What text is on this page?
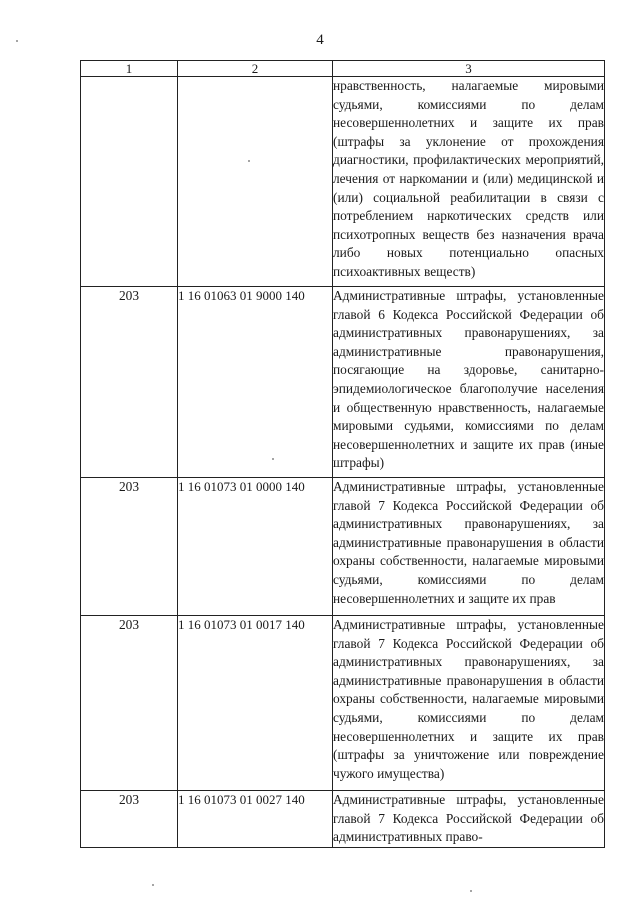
4
1	2	3
		нравственность, налагаемые мировыми судьями, комиссиями по делам несовершеннолетних и защите их прав (штрафы за уклонение от прохождения диагностики, профилактических мероприятий, лечения от наркомании и (или) медицинской и (или) социальной реабилитации в связи с потреблением наркотических средств или психотропных веществ без назначения врача либо новых потенциально опасных психоактивных веществ)
203	1 16 01063 01 9000 140	Административные штрафы, установленные главой 6 Кодекса Российской Федерации об административных правонарушениях, за административные правонарушения, посягающие на здоровье, санитарно-эпидемиологическое благополучие населения и общественную нравственность, налагаемые мировыми судьями, комиссиями по делам несовершеннолетних и защите их прав (иные штрафы)
203	1 16 01073 01 0000 140	Административные штрафы, установленные главой 7 Кодекса Российской Федерации об административных правонарушениях, за административные правонарушения в области охраны собственности, налагаемые мировыми судьями, комиссиями по делам несовершеннолетних и защите их прав
203	1 16 01073 01 0017 140	Административные штрафы, установленные главой 7 Кодекса Российской Федерации об административных правонарушениях, за административные правонарушения в области охраны собственности, налагаемые мировыми судьями, комиссиями по делам несовершеннолетних и защите их прав (штрафы за уничтожение или повреждение чужого имущества)
203	1 16 01073 01 0027 140	Административные штрафы, установленные главой 7 Кодекса Российской Федерации об административных право-
